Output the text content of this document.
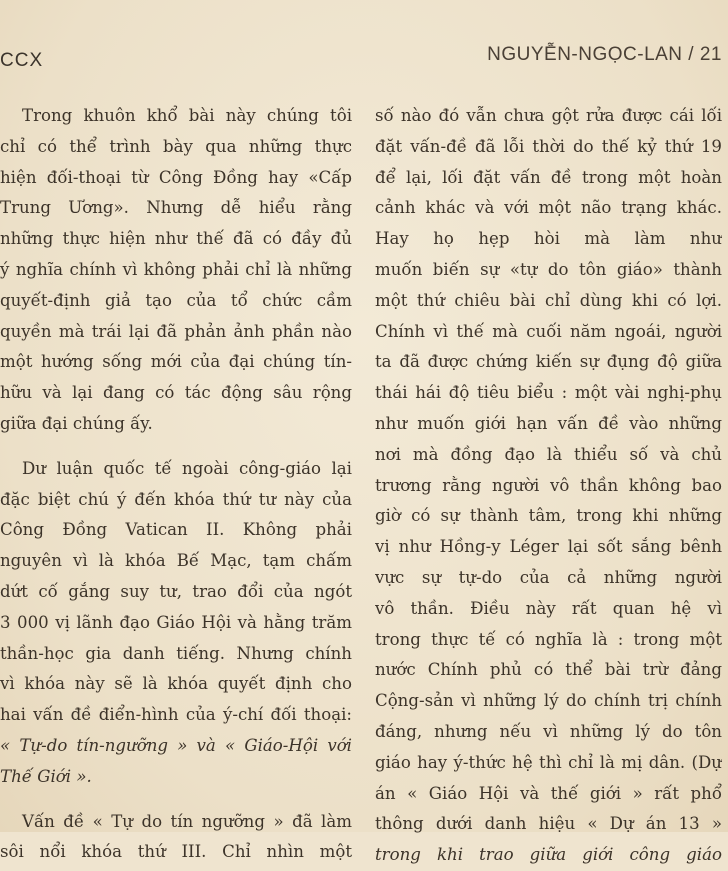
CCX	NGUYỄN-NGỌC-LAN / 21
Trong khuôn khổ bài này chúng tôi
chỉ có thể trình bày qua những thực
hiện đối-thoại từ Công Đồng hay «Cấp
Trung Ương». Nhưng dễ hiểu rằng
những thực hiện như thế đã có đầy đủ
ý nghĩa chính vì không phải chỉ là những
quyết-định giả tạo của tổ chức cầm
quyền mà trái lại đã phản ảnh phần nào
một hướng sống mới của đại chúng tín-
hữu và lại đang có tác động sâu rộng
giữa đại chúng ấy.
Dư luận quốc tế ngoài công-giáo lại
đặc biệt chú ý đến khóa thứ tư này của
Công Đồng Vatican II. Không phải
nguyên vì là khóa Bế Mạc, tạm chấm
dứt cố gắng suy tư, trao đổi của ngót
3 000 vị lãnh đạo Giáo Hội và hằng trăm
thần-học gia danh tiếng. Nhưng chính
vì khóa này sẽ là khóa quyết định cho
hai vấn đề điển-hình của ý-chí đối thoại:
« Tự-do tín-ngưỡng » và « Giáo-Hội với
Thế Giới ».
Vấn đề « Tự do tín ngưỡng » đã làm
sôi nổi khóa thứ III. Chỉ nhìn một
số nào đó vẫn chưa gột rửa được cái lối
đặt vấn-đề đã lỗi thời do thế kỷ thứ 19
để lại, lối đặt vấn đề trong một hoàn
cảnh khác và với một não trạng khác.
Hay họ hẹp hòi mà làm như
muốn biến sự «tự do tôn giáo» thành
một thứ chiêu bài chỉ dùng khi có lợi.
Chính vì thế mà cuối năm ngoái, người
ta đã được chứng kiến sự đụng độ giữa
thái hái độ tiêu biểu : một vài nghị-phụ
như muốn giới hạn vấn đề vào những
nơi mà đồng đạo là thiểu số và chủ
trương rằng người vô thần không bao
giờ có sự thành tâm, trong khi những
vị như Hồng-y Léger lại sốt sắng bênh
vực sự tự-do của cả những người
vô thần. Điều này rất quan hệ vì
trong thực tế có nghĩa là : trong một
nước Chính phủ có thể bài trừ đảng
Cộng-sản vì những lý do chính trị chính
đáng, nhưng nếu vì những lý do tôn
giáo hay ý-thức hệ thì chỉ là mị dân. (Dự
án « Giáo Hội và thế giới » rất phổ
thông dưới danh hiệu « Dự án 13 »
trong khi trao giữa giới công giáo
